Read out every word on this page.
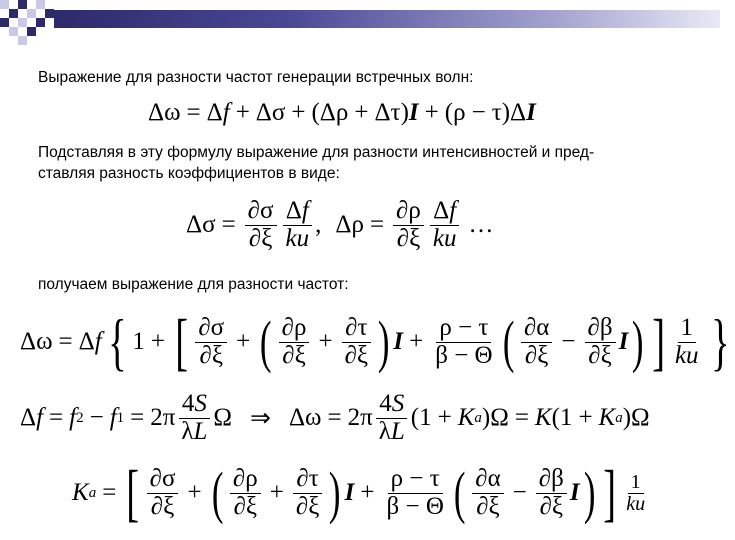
Выражение для разности частот генерации встречных волн:
Δω = Δ f + Δσ + (Δρ + Δτ) I + (ρ − τ)Δ I
Подставляя в эту формулу выражение для разности интенсивностей и пред-
ставляя разность коэффициентов в виде:
$\Delta\sigma = \frac{\partial\sigma}{\partial\xi} \frac{\Delta f}{ku}$ , $\Delta\rho = \frac{\partial\rho}{\partial\xi} \frac{\Delta f}{ku}$ …
получаем выражение для разности частот:
Δω = Δ f { 1 + [ $\frac{\partial\sigma}{\partial\xi}$ + ( $\frac{\partial\rho}{\partial\xi} + \frac{\partial\tau}{\partial\xi}$ ) $I + \frac{\rho - \tau}{\beta - \Theta}$ ( $\frac{\partial\alpha}{\partial\xi} - \frac{\partial\beta}{\partial\xi}$ I ) ] $\frac{1}{ku}$ }
Δ f = f 2 − f $1 = 2\pi \frac{4S}{\lambda L}$ Ω ⇒ $\Delta\omega = 2\pi \frac{4S}{\lambda L} (1 + K$ a )Ω = K (1 + K a )Ω
K a = [ $\frac{\partial\sigma}{\partial\xi}$ + ( $\frac{\partial\rho}{\partial\xi} + \frac{\partial\tau}{\partial\xi}$ ) $I + \frac{\rho - \tau}{\beta - \Theta}$ ( $\frac{\partial\alpha}{\partial\xi} - \frac{\partial\beta}{\partial\xi}$ I ) ] $\frac{1}{ku}$
